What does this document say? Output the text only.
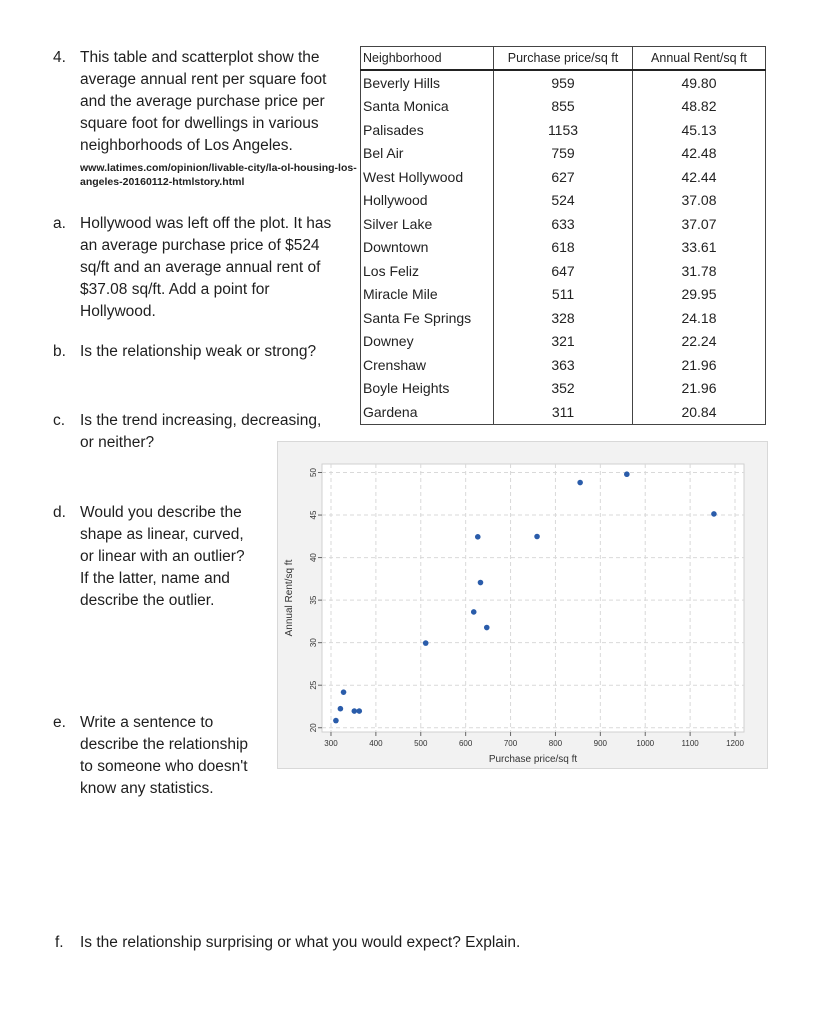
4. This table and scatterplot show the

average annual rent per square foot

and the average purchase price per

square foot for dwellings in various

neighborhoods of Los Angeles.

www.latimes.com/opinion/livable-city/la-ol-housing-los-
angeles-20160112-htmlstory.html
a. Hollywood was left off the plot. It has

an average purchase price of $524

sq/ft and an average annual rent of

$37.08 sq/ft. Add a point for

Hollywood.

b. Is the relationship weak or strong?

c. Is the trend increasing, decreasing,

or neither?

d. Would you describe the

shape as linear, curved,

or linear with an outlier?

If the latter, name and

describe the outlier.

e. Write a sentence to

describe the relationship

to someone who doesn't

know any statistics.

f. Is the relationship surprising or what you would expect? Explain.

Neighborhood	Purchase price/sq ft	Annual Rent/sq ft
Beverly Hills	959	49.80
Santa Monica	855	48.82
Palisades	1153	45.13
Bel Air	759	42.48
West Hollywood	627	42.44
Hollywood	524	37.08
Silver Lake	633	37.07
Downtown	618	33.61
Los Feliz	647	31.78
Miracle Mile	511	29.95
Santa Fe Springs	328	24.18
Downey	321	22.24
Crenshaw	363	21.96
Boyle Heights	352	21.96
Gardena	311	20.84
20
25
30
35
40
45
50
300	400	500	600	700	800	900	1000	1100	1200
Purchase price/sq ft
Annual Rent/sq ft
